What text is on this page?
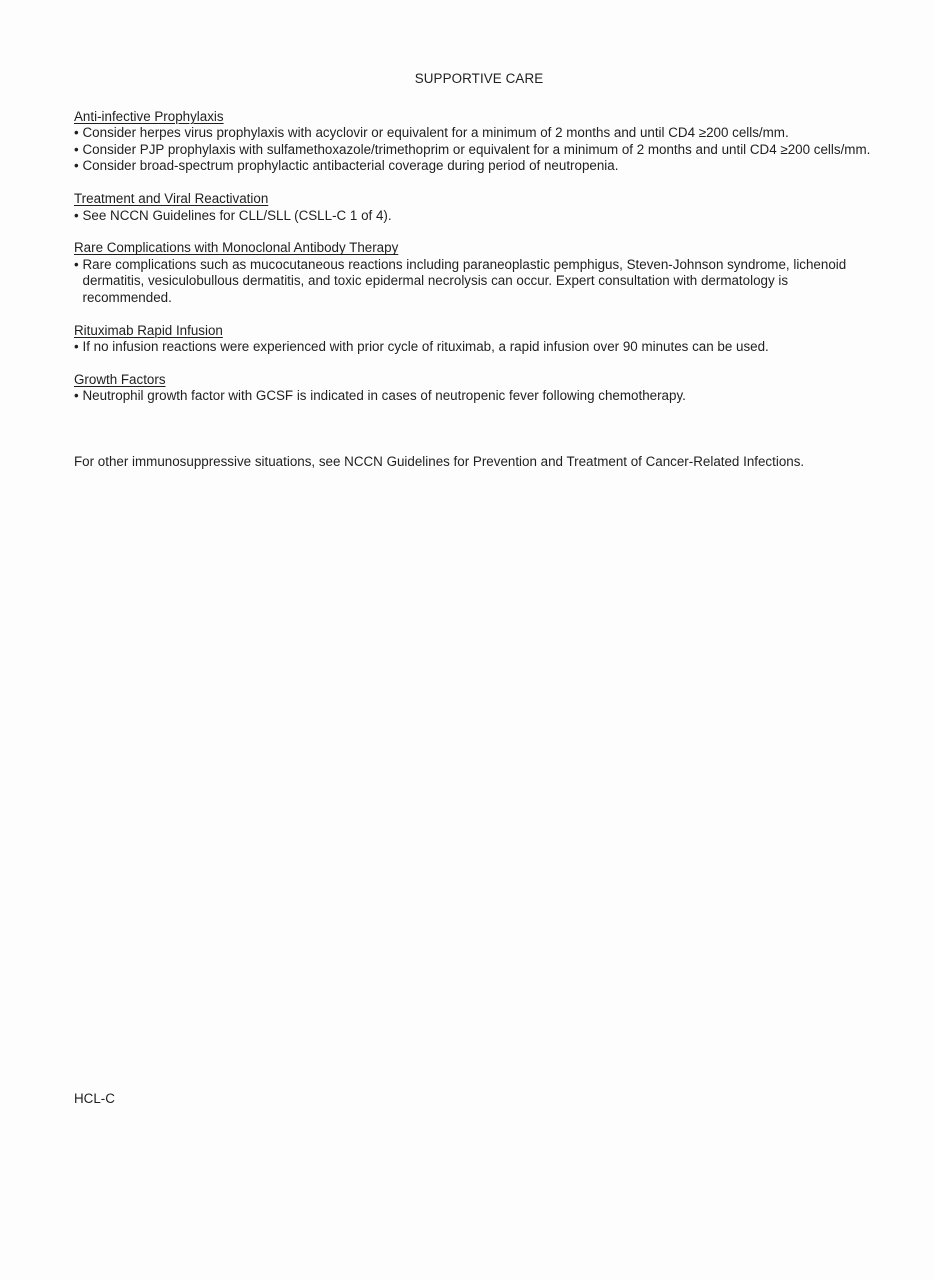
SUPPORTIVE CARE
Anti-infective Prophylaxis
• Consider herpes virus prophylaxis with acyclovir or equivalent for a minimum of 2 months and until CD4 ≥200 cells/mm.
• Consider PJP prophylaxis with sulfamethoxazole/trimethoprim or equivalent for a minimum of 2 months and until CD4 ≥200 cells/mm.
• Consider broad-spectrum prophylactic antibacterial coverage during period of neutropenia.
Treatment and Viral Reactivation
• See NCCN Guidelines for CLL/SLL (CSLL-C 1 of 4).
Rare Complications with Monoclonal Antibody Therapy
• Rare complications such as mucocutaneous reactions including paraneoplastic pemphigus, Steven-Johnson syndrome, lichenoid dermatitis, vesiculobullous dermatitis, and toxic epidermal necrolysis can occur. Expert consultation with dermatology is recommended.
Rituximab Rapid Infusion
• If no infusion reactions were experienced with prior cycle of rituximab, a rapid infusion over 90 minutes can be used.
Growth Factors
• Neutrophil growth factor with GCSF is indicated in cases of neutropenic fever following chemotherapy.
For other immunosuppressive situations, see NCCN Guidelines for Prevention and Treatment of Cancer-Related Infections.
HCL-C
